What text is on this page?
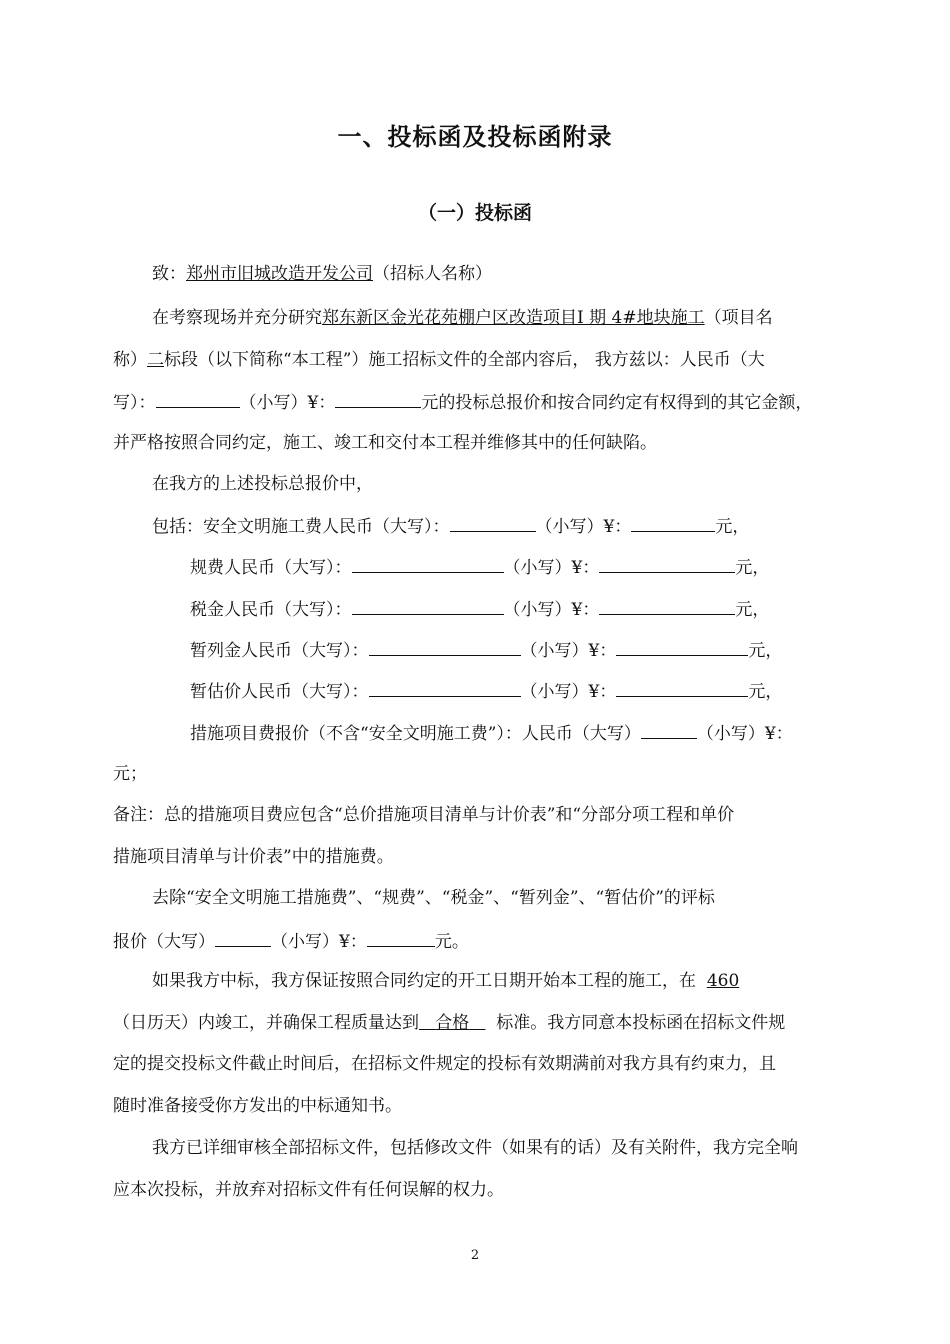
一、投标函及投标函附录
（一）投标函
致：郑州市旧城改造开发公司（招标人名称）
在考察现场并充分研究郑东新区金光花苑棚户区改造项目Ⅰ 期 4#地块施工（项目名
称）二标段（以下简称“本工程”）施工招标文件的全部内容后， 我方兹以：人民币（大
写）：	（小写）¥：	元的投标总报价和按合同约定有权得到的其它金额，
并严格按照合同约定，施工、竣工和交付本工程并维修其中的任何缺陷。
在我方的上述投标总报价中，
包括：安全文明施工费人民币（大写）：	（小写）¥：	元，
规费人民币（大写）：	（小写）¥：	元，
税金人民币（大写）：	（小写）¥：	元，
暂列金人民币（大写）：	（小写）¥：	元，
暂估价人民币（大写）：	（小写）¥：	元，
措施项目费报价（不含“安全文明施工费”）：人民币（大写）	（小写）¥：
元；
备注：总的措施项目费应包含“总价措施项目清单与计价表”和“分部分项工程和单价
措施项目清单与计价表”中的措施费。
去除“安全文明施工措施费”、“规费”、“税金”、“暂列金”、“暂估价”的评标
报价（大写）	（小写）¥：	元。
如果我方中标，我方保证按照合同约定的开工日期开始本工程的施工，在 460
（日历天）内竣工，并确保工程质量达到 合格 标准。我方同意本投标函在招标文件规
定的提交投标文件截止时间后，在招标文件规定的投标有效期满前对我方具有约束力，且
随时准备接受你方发出的中标通知书。
我方已详细审核全部招标文件，包括修改文件（如果有的话）及有关附件，我方完全响
应本次投标，并放弃对招标文件有任何误解的权力。
2
